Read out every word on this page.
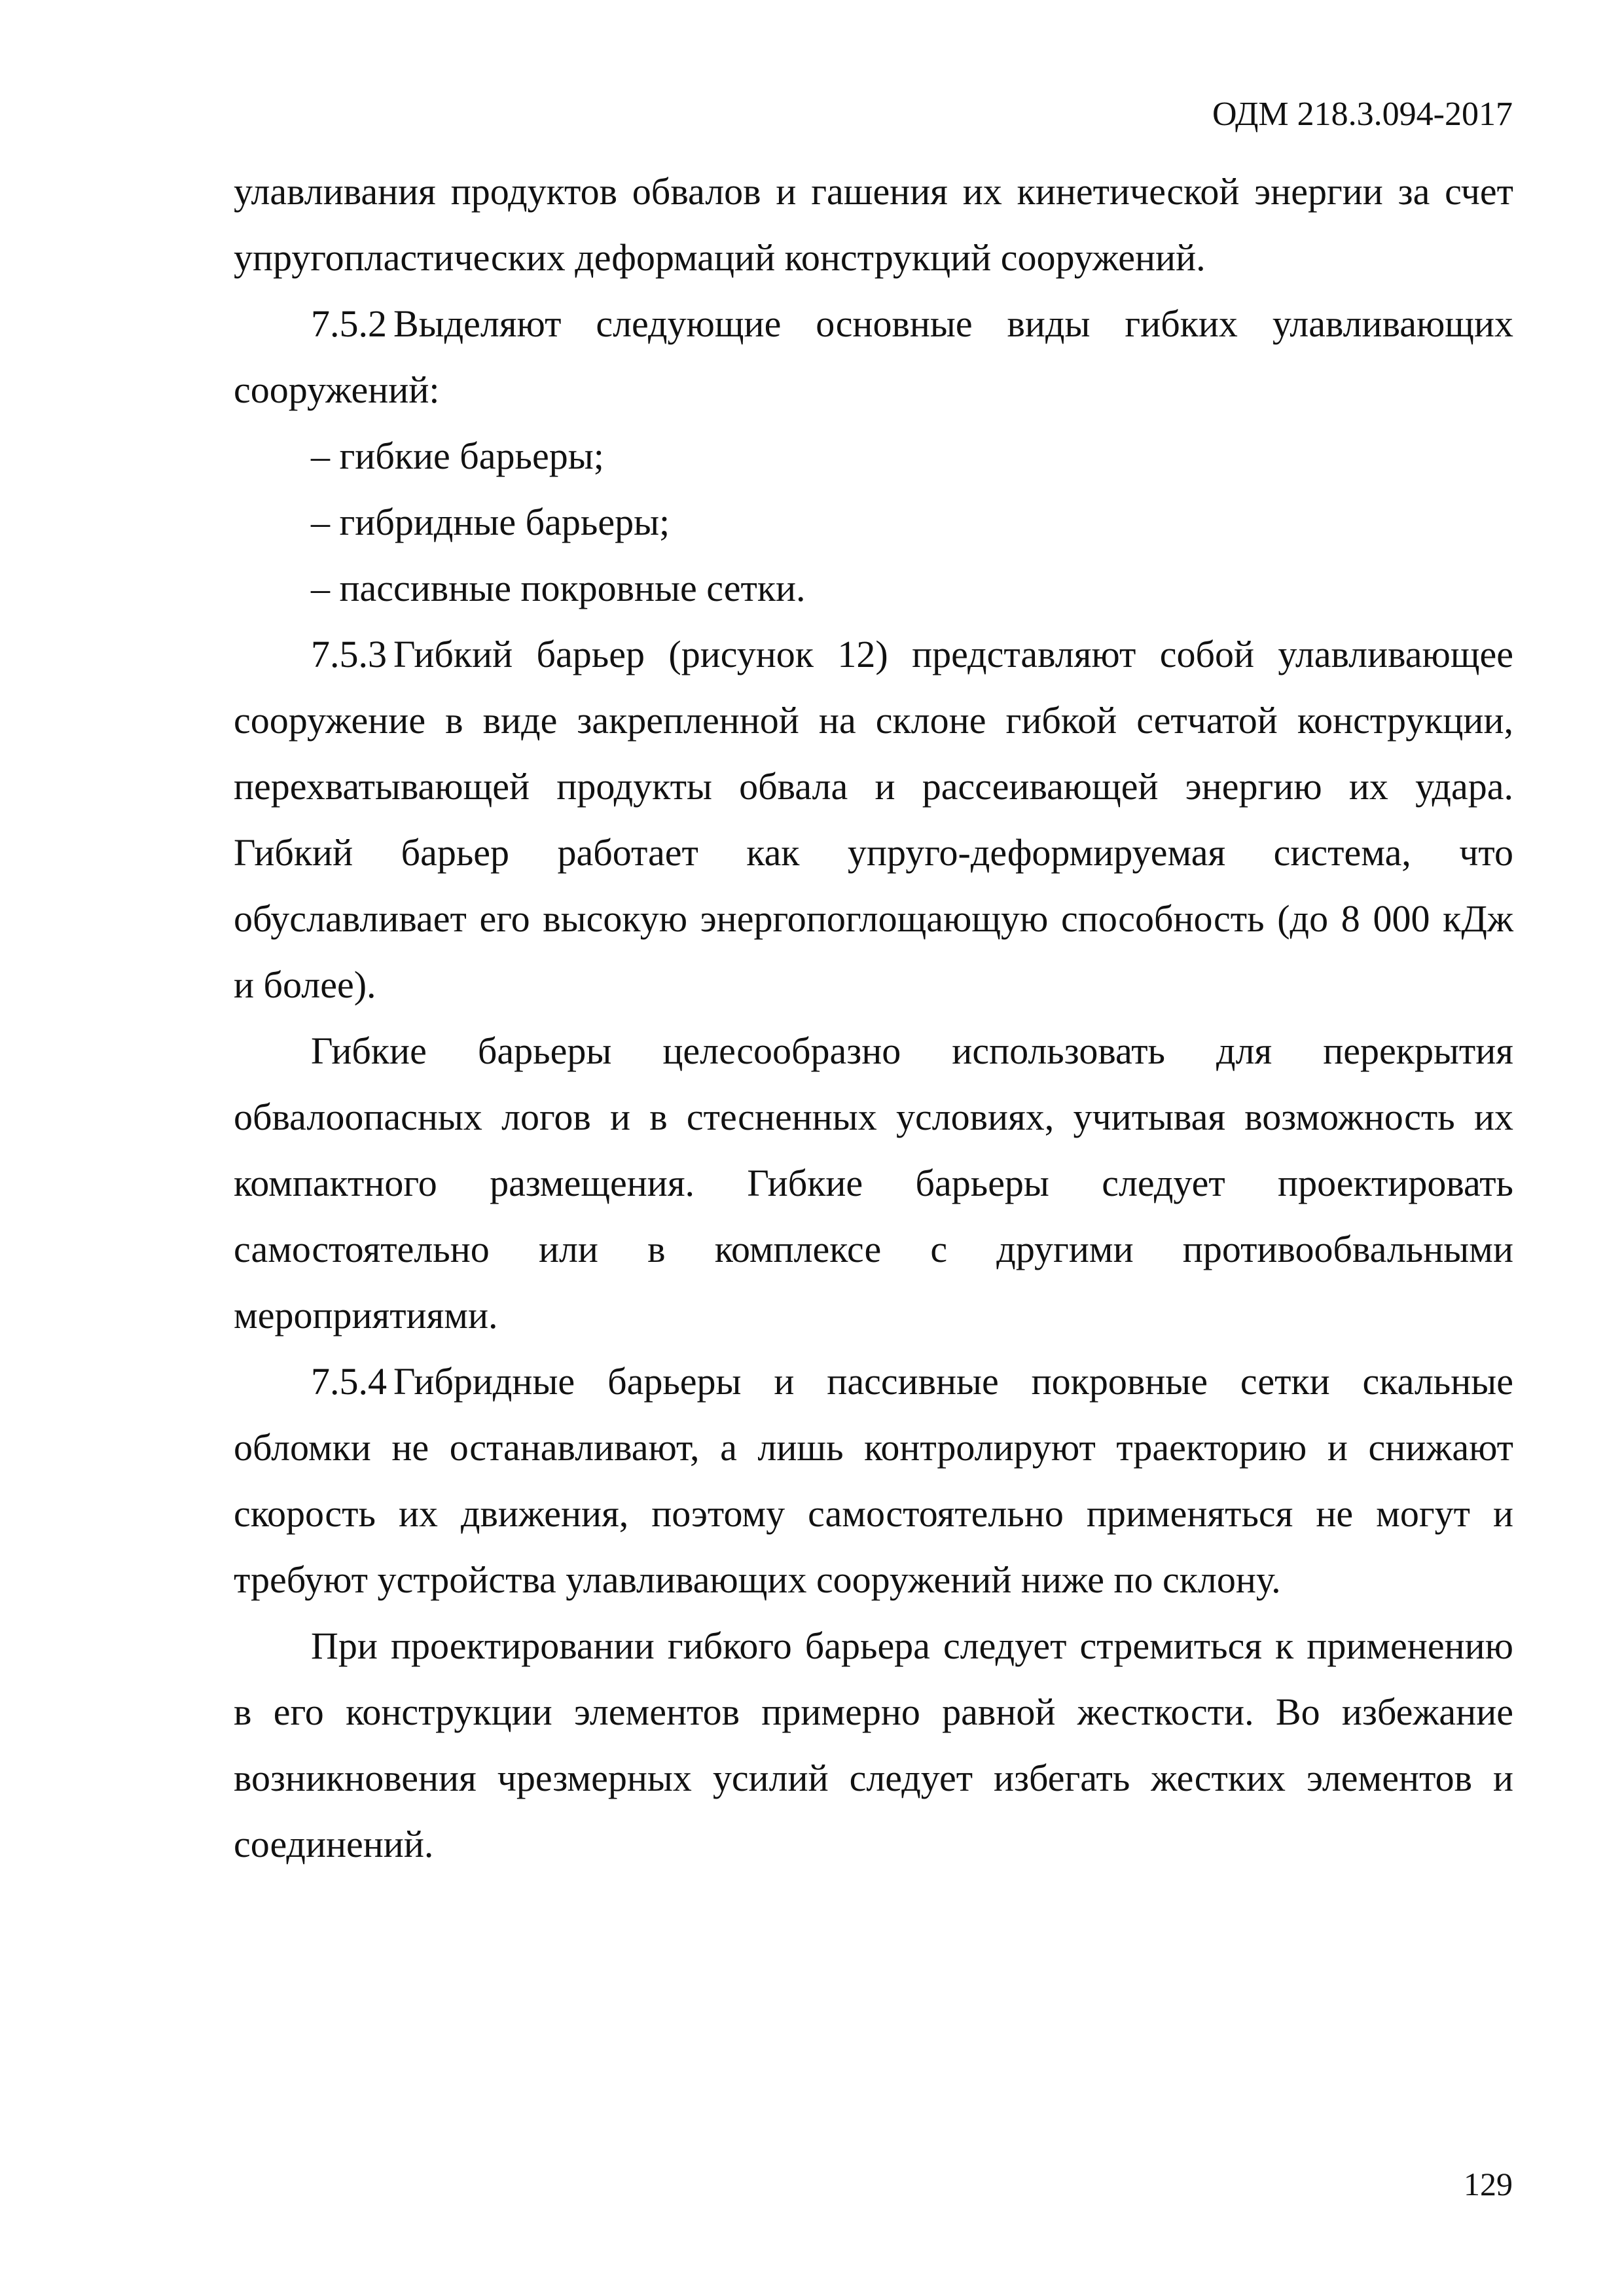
ОДМ 218.3.094-2017

улавливания продуктов обвалов и гашения их кинетической энергии за счет упругопластических деформаций конструкций сооружений.

7.5.2 Выделяют следующие основные виды гибких улавливающих сооружений:

– гибкие барьеры;

– гибридные барьеры;

– пассивные покровные сетки.

7.5.3 Гибкий барьер (рисунок 12) представляют собой улавливающее сооружение в виде закрепленной на склоне гибкой сетчатой конструкции, перехватывающей продукты обвала и рассеивающей энергию их удара. Гибкий барьер работает как упруго-деформируемая система, что обуславливает его высокую энергопоглощающую способность (до 8 000 кДж и более).

Гибкие барьеры целесообразно использовать для перекрытия обвалоопасных логов и в стесненных условиях, учитывая возможность их компактного размещения. Гибкие барьеры следует проектировать самостоятельно или в комплексе с другими противообвальными мероприятиями.

7.5.4 Гибридные барьеры и пассивные покровные сетки скальные обломки не останавливают, а лишь контролируют траекторию и снижают скорость их движения, поэтому самостоятельно применяться не могут и требуют устройства улавливающих сооружений ниже по склону.

При проектировании гибкого барьера следует стремиться к применению в его конструкции элементов примерно равной жесткости. Во избежание возникновения чрезмерных усилий следует избегать жестких элементов и соединений.

129
